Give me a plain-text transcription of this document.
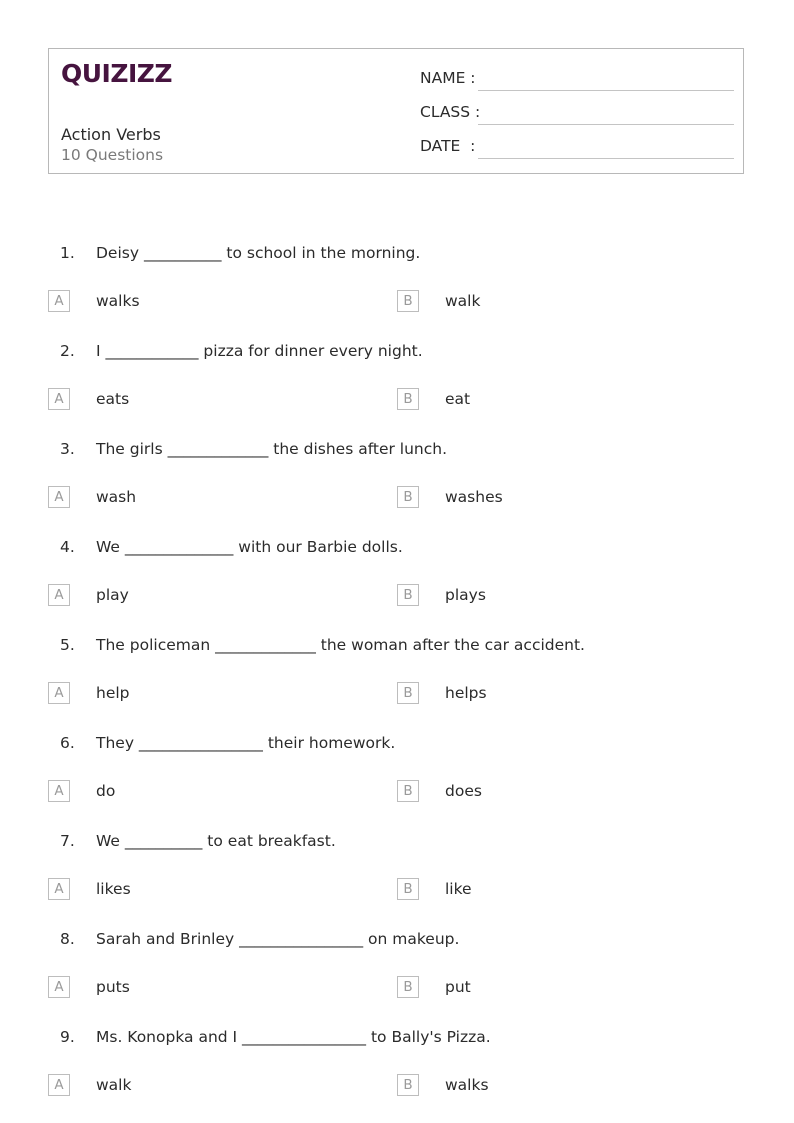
QUIZIZZ
Action Verbs
10 Questions
NAME :
CLASS :
DATE  :
1. Deisy __________ to school in the morning.
A	walks	B	walk
2. I ____________ pizza for dinner every night.
A	eats	B	eat
3. The girls _____________ the dishes after lunch.
A	wash	B	washes
4. We ______________ with our Barbie dolls.
A	play	B	plays
5. The policeman _____________ the woman after the car accident.
A	help	B	helps
6. They ________________ their homework.
A	do	B	does
7. We __________ to eat breakfast.
A	likes	B	like
8. Sarah and Brinley ________________ on makeup.
A	puts	B	put
9. Ms. Konopka and I ________________ to Bally's Pizza.
A	walk	B	walks
